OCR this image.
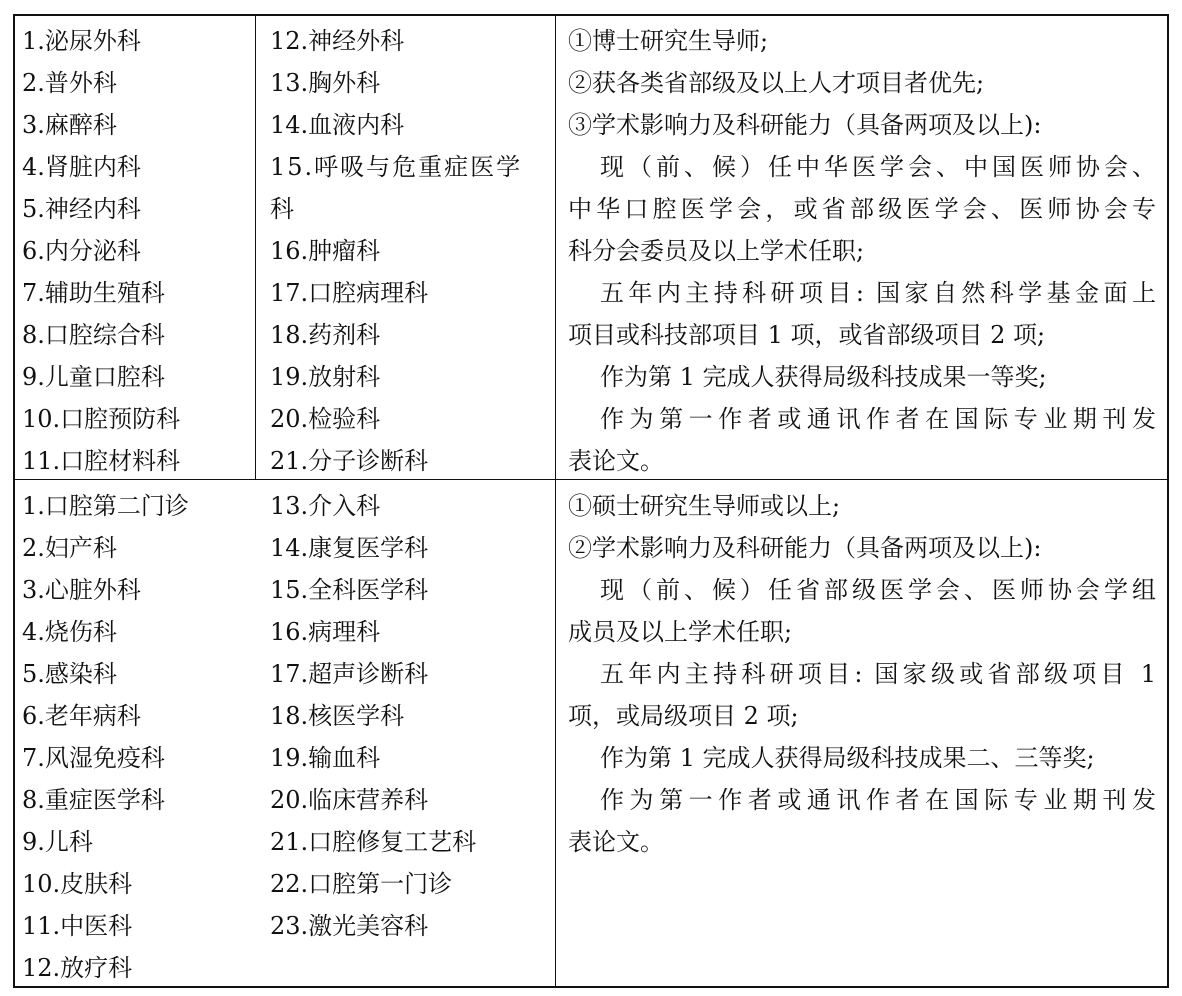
1.泌尿外科
2.普外科
3.麻醉科
4.肾脏内科
5.神经内科
6.内分泌科
7.辅助生殖科
8.口腔综合科
9.儿童口腔科
10.口腔预防科
11.口腔材料科
12.神经外科
13.胸外科
14.血液内科
15.呼吸与危重症医学
科
16.肿瘤科
17.口腔病理科
18.药剂科
19.放射科
20.检验科
21.分子诊断科
①博士研究生导师;
②获各类省部级及以上人才项目者优先;
③学术影响力及科研能力（具备两项及以上):
现（前、候）任中华医学会、中国医师协会、
中华口腔医学会，或省部级医学会、医师协会专
科分会委员及以上学术任职;
五年内主持科研项目: 国家自然科学基金面上
项目或科技部项目 1 项，或省部级项目 2 项;
作为第 1 完成人获得局级科技成果一等奖;
作为第一作者或通讯作者在国际专业期刊发
表论文。
1.口腔第二门诊
2.妇产科
3.心脏外科
4.烧伤科
5.感染科
6.老年病科
7.风湿免疫科
8.重症医学科
9.儿科
10.皮肤科
11.中医科
12.放疗科
13.介入科
14.康复医学科
15.全科医学科
16.病理科
17.超声诊断科
18.核医学科
19.输血科
20.临床营养科
21.口腔修复工艺科
22.口腔第一门诊
23.激光美容科
①硕士研究生导师或以上;
②学术影响力及科研能力（具备两项及以上):
现（前、候）任省部级医学会、医师协会学组
成员及以上学术任职;
五年内主持科研项目: 国家级或省部级项目 1
项，或局级项目 2 项;
作为第 1 完成人获得局级科技成果二、三等奖;
作为第一作者或通讯作者在国际专业期刊发
表论文。
